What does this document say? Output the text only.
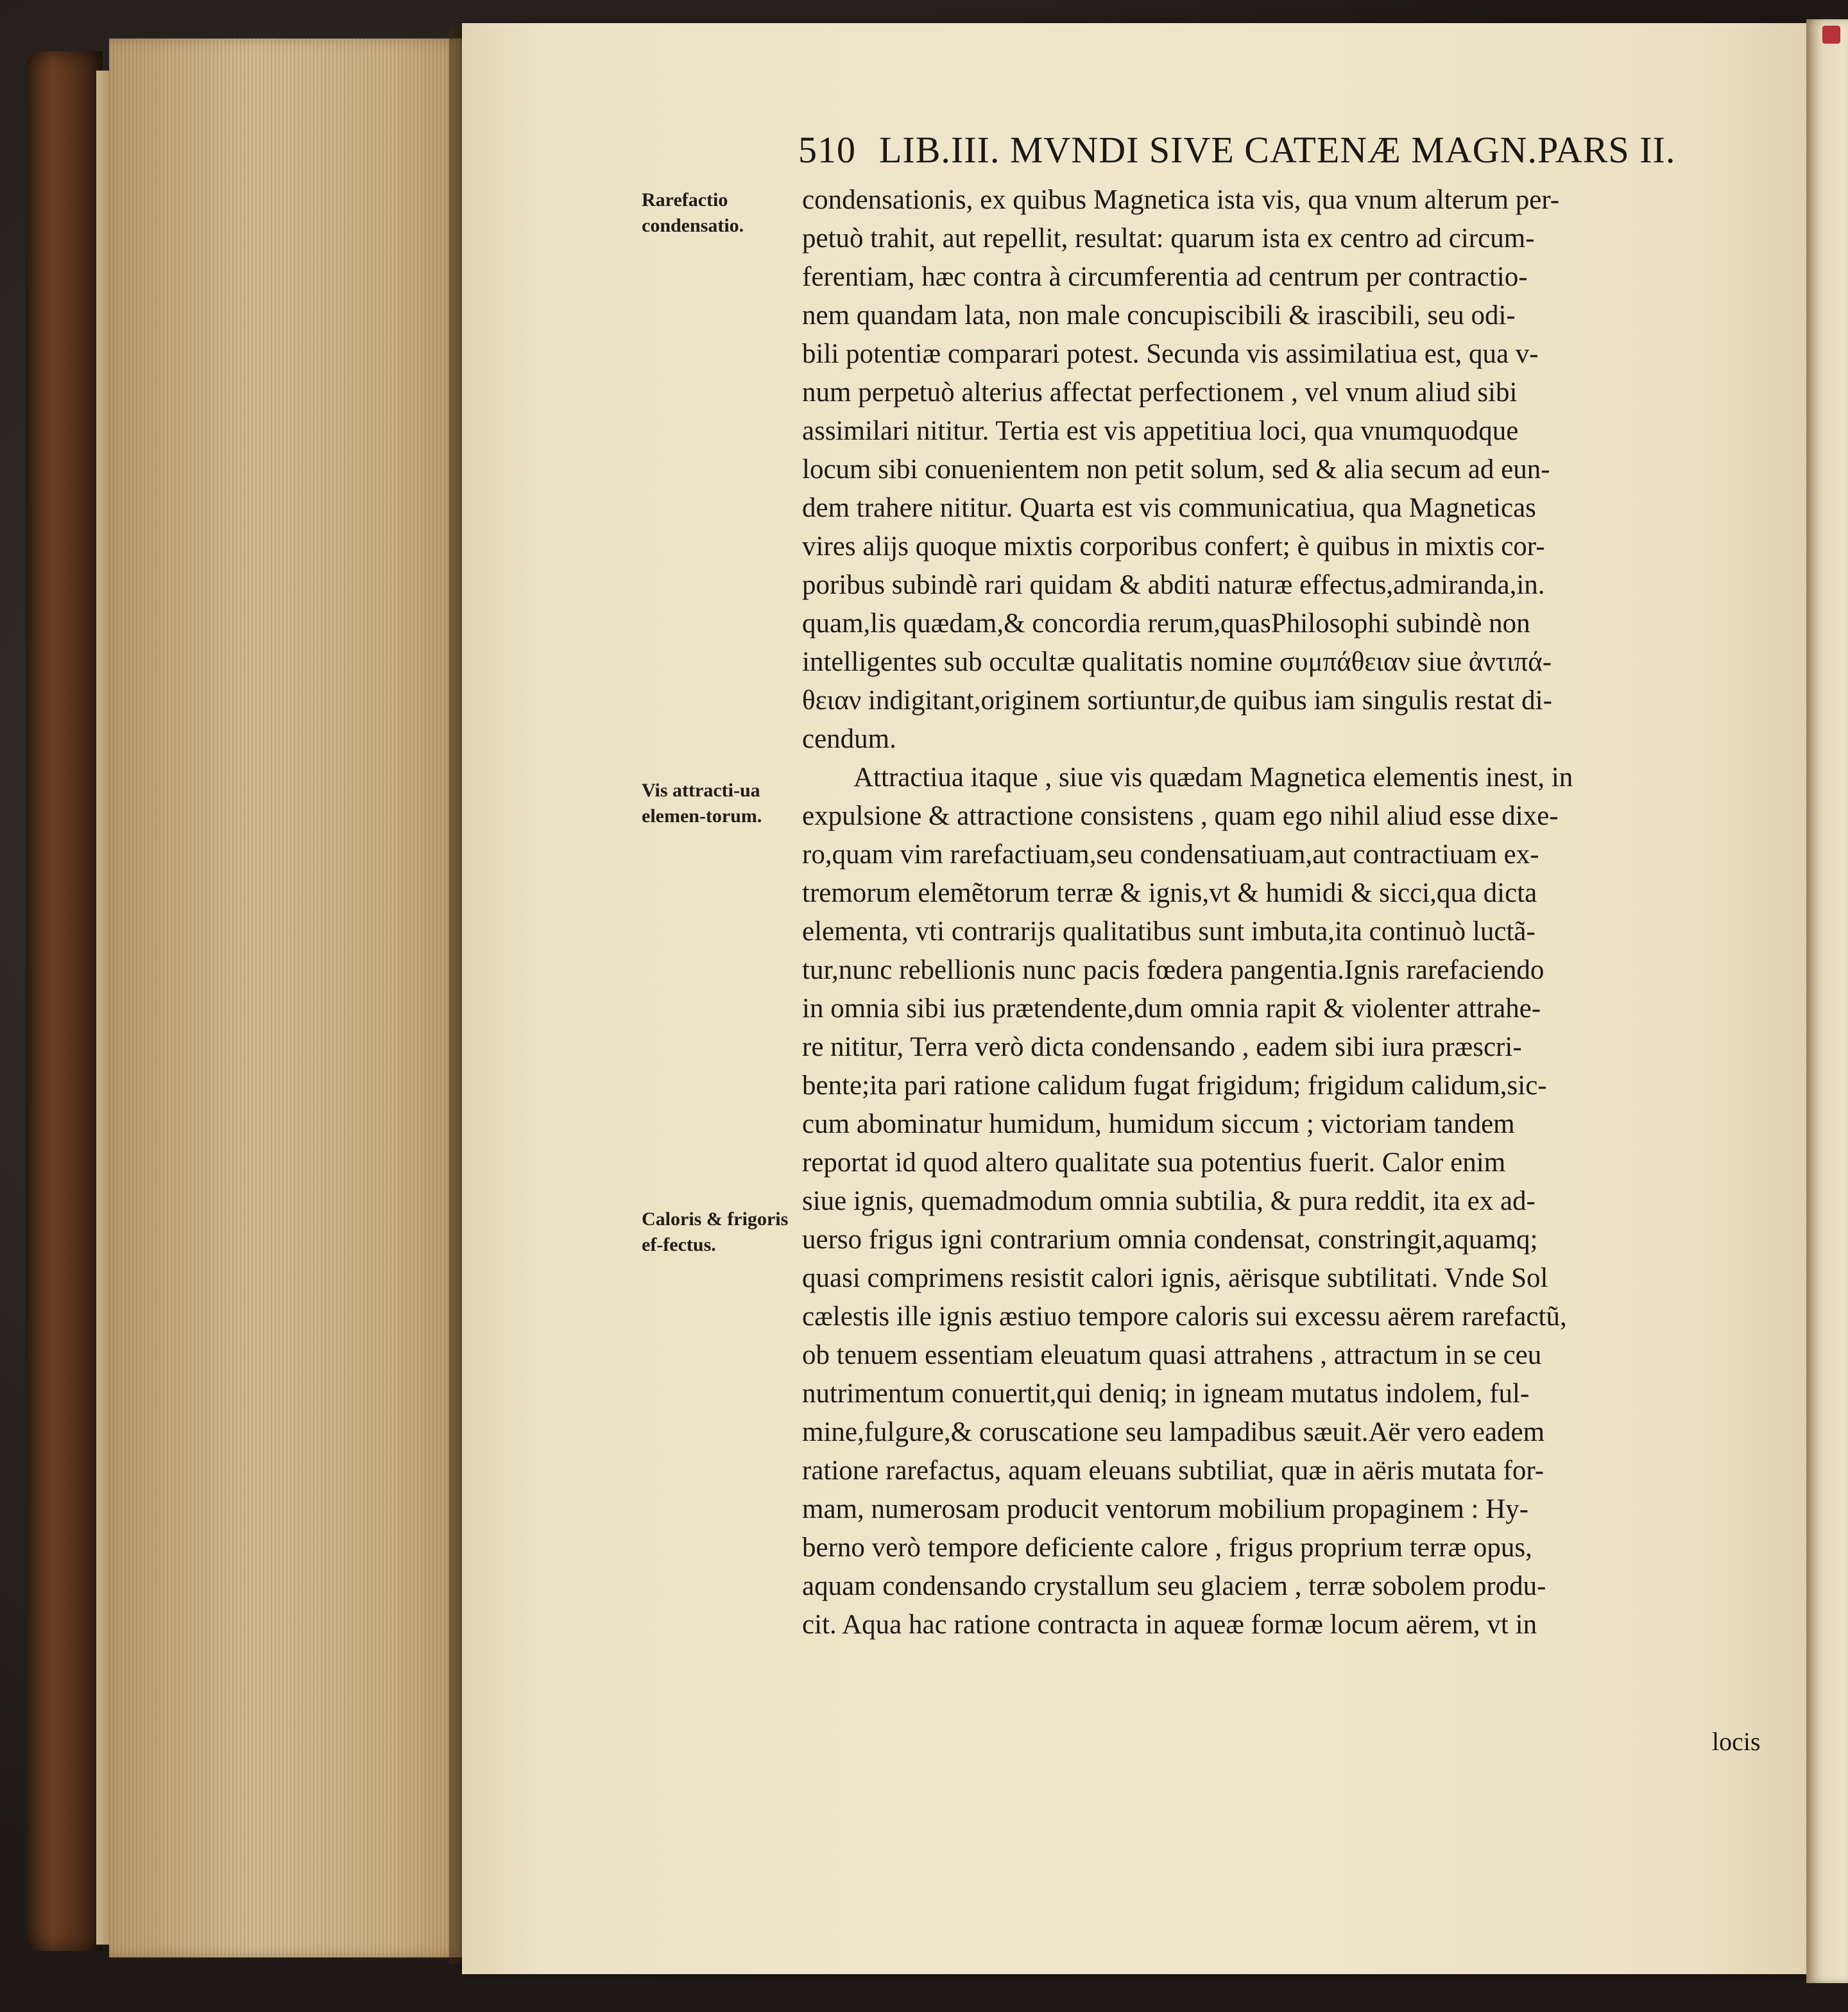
510 LIB.III. MVNDI SIVE CATENÆ MAGN.PARS II.
Rarefactio condensatio.
Vis attracti-ua elemen-torum.
Caloris & frigoris ef-fectus.
condensationis, ex quibus Magnetica ista vis, qua vnum alterum per-
petuò trahit, aut repellit, resultat: quarum ista ex centro ad circum-
ferentiam, hæc contra à circumferentia ad centrum per contractio-
nem quandam lata, non male concupiscibili & irascibili, seu odi-
bili potentiæ comparari potest. Secunda vis assimilatiua est, qua v-
num perpetuò alterius affectat perfectionem , vel vnum aliud sibi
assimilari nititur. Tertia est vis appetitiua loci, qua vnumquodque
locum sibi conuenientem non petit solum, sed & alia secum ad eun-
dem trahere nititur. Quarta est vis communicatiua, qua Magneticas
vires alijs quoque mixtis corporibus confert; è quibus in mixtis cor-
poribus subindè rari quidam & abditi naturæ effectus,admiranda,in.
quam,lis quædam,& concordia rerum,quasPhilosophi subindè non
intelligentes sub occultæ qualitatis nomine συμπάθειαν siue ἀντιπά-
θειαν indigitant,originem sortiuntur,de quibus iam singulis restat di-
cendum.
Attractiua itaque , siue vis quædam Magnetica elementis inest, in
expulsione & attractione consistens , quam ego nihil aliud esse dixe-
ro,quam vim rarefactiuam,seu condensatiuam,aut contractiuam ex-
tremorum elemẽtorum terræ & ignis,vt & humidi & sicci,qua dicta
elementa, vti contrarijs qualitatibus sunt imbuta,ita continuò luctã-
tur,nunc rebellionis nunc pacis fœdera pangentia.Ignis rarefaciendo
in omnia sibi ius prætendente,dum omnia rapit & violenter attrahe-
re nititur, Terra verò dicta condensando , eadem sibi iura præscri-
bente;ita pari ratione calidum fugat frigidum; frigidum calidum,sic-
cum abominatur humidum, humidum siccum ; victoriam tandem
reportat id quod altero qualitate sua potentius fuerit. Calor enim
siue ignis, quemadmodum omnia subtilia, & pura reddit, ita ex ad-
uerso frigus igni contrarium omnia condensat, constringit,aquamq;
quasi comprimens resistit calori ignis, aërisque subtilitati. Vnde Sol
cælestis ille ignis æstiuo tempore caloris sui excessu aërem rarefactũ,
ob tenuem essentiam eleuatum quasi attrahens , attractum in se ceu
nutrimentum conuertit,qui deniq; in igneam mutatus indolem, ful-
mine,fulgure,& coruscatione seu lampadibus sæuit.Aër vero eadem
ratione rarefactus, aquam eleuans subtiliat, quæ in aëris mutata for-
mam, numerosam producit ventorum mobilium propaginem : Hy-
berno verò tempore deficiente calore , frigus proprium terræ opus,
aquam condensando crystallum seu glaciem , terræ sobolem produ-
cit. Aqua hac ratione contracta in aqueæ formæ locum aërem, vt in
locis
